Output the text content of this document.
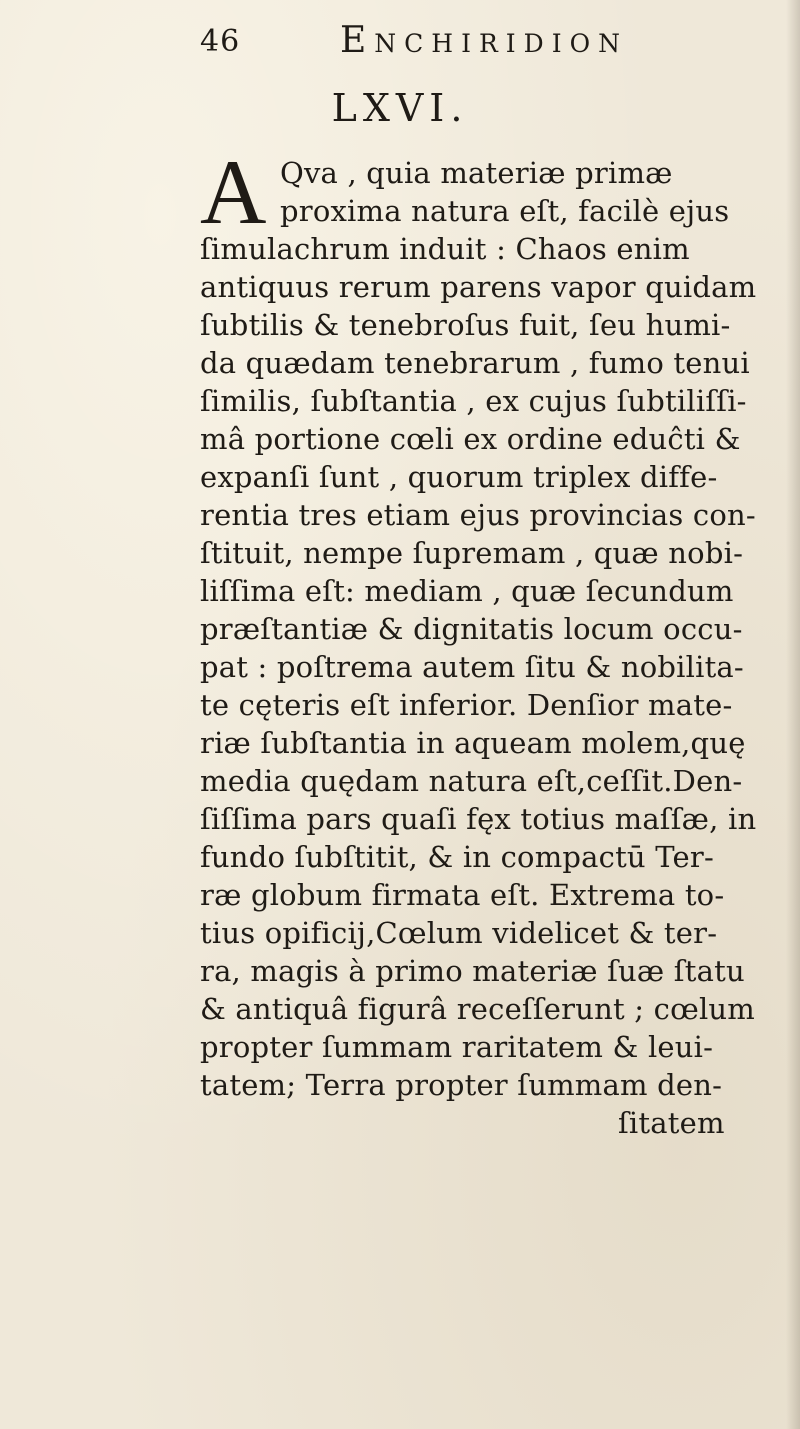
46	Enchiridion
LXVI.
A Qva , quia materiæ primæ
proxima natura eſt, facilè ejus
ſimulachrum induit : Chaos enim
antiquus rerum parens vapor quidam
ſubtilis & tenebroſus fuit, ſeu humi-
da quædam tenebrarum , fumo tenui
ſimilis, ſubſtantia , ex cujus ſubtiliſſi-
mâ portione cœli ex ordine eduĉti &
expanſi ſunt , quorum triplex diffe-
rentia tres etiam ejus provincias con-
ſtituit, nempe ſupremam , quæ nobi-
liſſima eſt: mediam , quæ ſecundum
præſtantiæ & dignitatis locum occu-
pat : poſtrema autem ſitu & nobilita-
te cęteris eſt inferior. Denſior mate-
riæ ſubſtantia in aqueam molem,quę
media quędam natura eſt,ceſſit.Den-
ſiſſima pars quaſi fęx totius maſſæ, in
fundo ſubſtitit, & in compactū Ter-
ræ globum firmata eſt. Extrema to-
tius opificij,Cœlum videlicet & ter-
ra, magis à primo materiæ ſuæ ſtatu
& antiquâ figurâ receſſerunt ; cœlum
propter ſummam raritatem & leui-
tatem; Terra propter ſummam den-
ſitatem
